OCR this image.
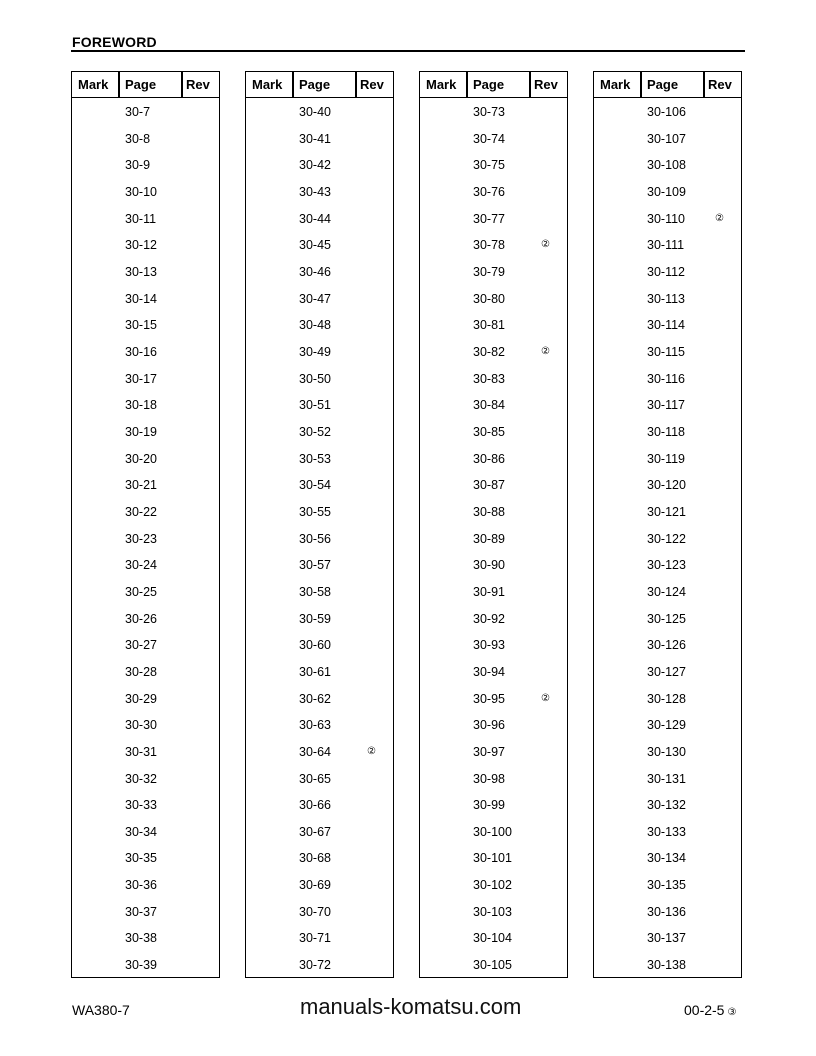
FOREWORD
Mark Page Rev
30-7
30-8
30-9
30-10
30-11
30-12
30-13
30-14
30-15
30-16
30-17
30-18
30-19
30-20
30-21
30-22
30-23
30-24
30-25
30-26
30-27
30-28
30-29
30-30
30-31
30-32
30-33
30-34
30-35
30-36
30-37
30-38
30-39
Mark Page Rev
30-40
30-41
30-42
30-43
30-44
30-45
30-46
30-47
30-48
30-49
30-50
30-51
30-52
30-53
30-54
30-55
30-56
30-57
30-58
30-59
30-60
30-61
30-62
30-63
30-64	②
30-65
30-66
30-67
30-68
30-69
30-70
30-71
30-72
Mark Page Rev
30-73
30-74
30-75
30-76
30-77
30-78	②
30-79
30-80
30-81
30-82	②
30-83
30-84
30-85
30-86
30-87
30-88
30-89
30-90
30-91
30-92
30-93
30-94
30-95	②
30-96
30-97
30-98
30-99
30-100
30-101
30-102
30-103
30-104
30-105
Mark Page Rev
30-106
30-107
30-108
30-109
30-110	②
30-111
30-112
30-113
30-114
30-115
30-116
30-117
30-118
30-119
30-120
30-121
30-122
30-123
30-124
30-125
30-126
30-127
30-128
30-129
30-130
30-131
30-132
30-133
30-134
30-135
30-136
30-137
30-138
manuals-komatsu.com
WA380-7	00-2-5 ③
